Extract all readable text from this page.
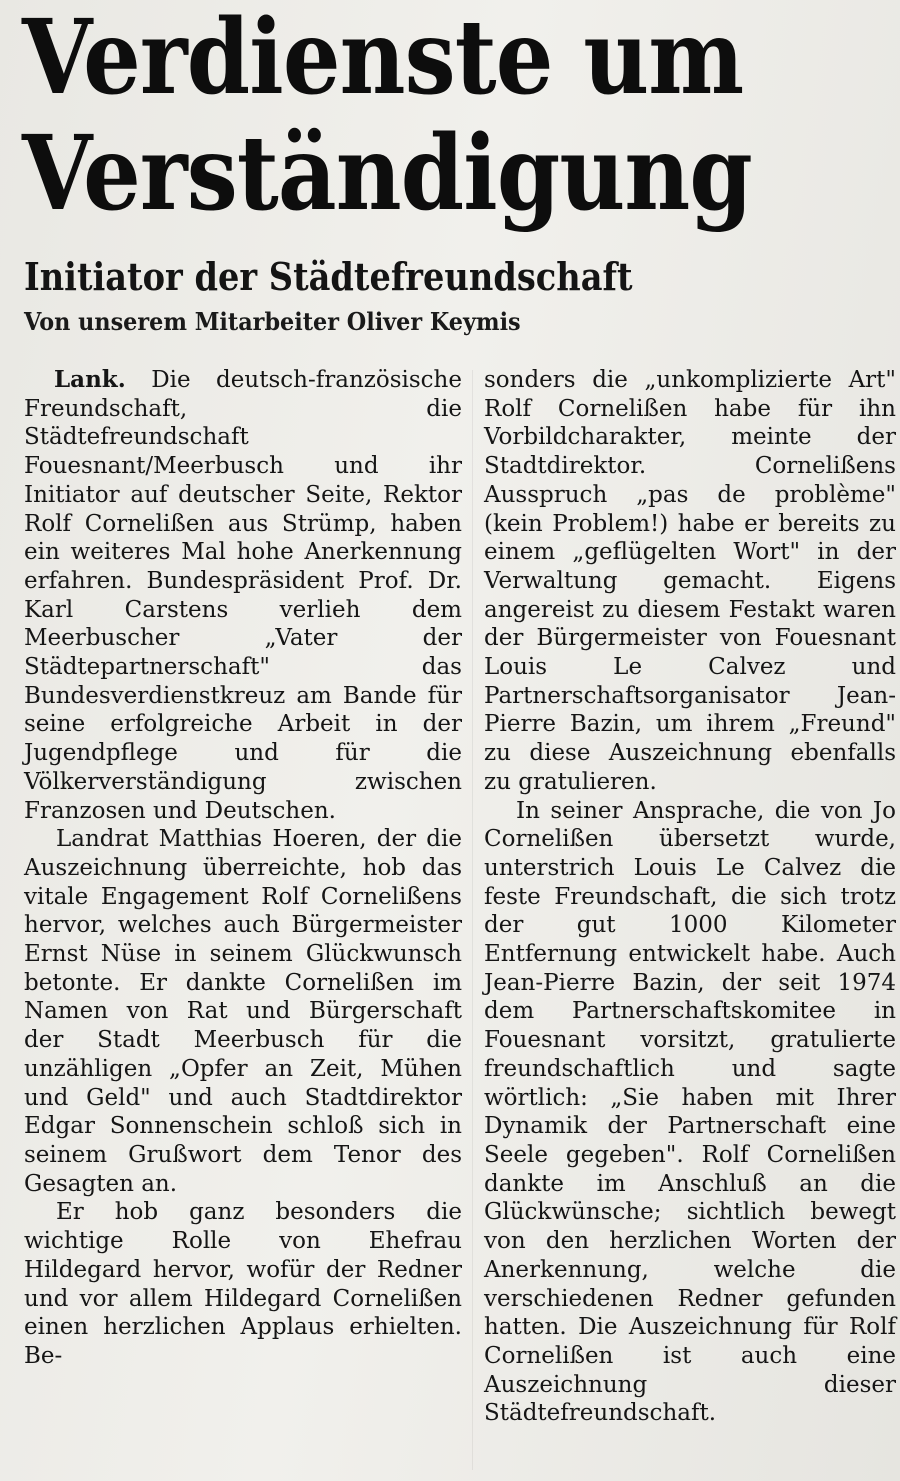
Verdienste um
Verständigung
Initiator der Städtefreundschaft
Von unserem Mitarbeiter Oliver Keymis

Lank. Die deutsch-französische Freundschaft, die Städtefreundschaft Fouesnant/Meerbusch und ihr Initiator auf deutscher Seite, Rektor Rolf Cornelißen aus Strümp, haben ein weiteres Mal hohe Anerkennung erfahren. Bundespräsident Prof. Dr. Karl Carstens verlieh dem Meerbuscher „Vater der Städtepartnerschaft" das Bundesverdienstkreuz am Bande für seine erfolgreiche Arbeit in der Jugendpflege und für die Völkerverständigung zwischen Franzosen und Deutschen.

Landrat Matthias Hoeren, der die Auszeichnung überreichte, hob das vitale Engagement Rolf Cornelißens hervor, welches auch Bürgermeister Ernst Nüse in seinem Glückwunsch betonte. Er dankte Cornelißen im Namen von Rat und Bürgerschaft der Stadt Meerbusch für die unzähligen „Opfer an Zeit, Mühen und Geld" und auch Stadtdirektor Edgar Sonnenschein schloß sich in seinem Grußwort dem Tenor des Gesagten an.

Er hob ganz besonders die wichtige Rolle von Ehefrau Hildegard hervor, wofür der Redner und vor allem Hildegard Cornelißen einen herzlichen Applaus erhielten. Be-

sonders die „unkomplizierte Art" Rolf Cornelißen habe für ihn Vorbildcharakter, meinte der Stadtdirektor. Cornelißens Ausspruch „pas de problème" (kein Problem!) habe er bereits zu einem „geflügelten Wort" in der Verwaltung gemacht. Eigens angereist zu diesem Festakt waren der Bürgermeister von Fouesnant Louis Le Calvez und Partnerschaftsorganisator Jean-Pierre Bazin, um ihrem „Freund" zu diese Auszeichnung ebenfalls zu gratulieren.

In seiner Ansprache, die von Jo Cornelißen übersetzt wurde, unterstrich Louis Le Calvez die feste Freundschaft, die sich trotz der gut 1000 Kilometer Entfernung entwickelt habe. Auch Jean-Pierre Bazin, der seit 1974 dem Partnerschaftskomitee in Fouesnant vorsitzt, gratulierte freundschaftlich und sagte wörtlich: „Sie haben mit Ihrer Dynamik der Partnerschaft eine Seele gegeben". Rolf Cornelißen dankte im Anschluß an die Glückwünsche; sichtlich bewegt von den herzlichen Worten der Anerkennung, welche die verschiedenen Redner gefunden hatten. Die Auszeichnung für Rolf Cornelißen ist auch eine Auszeichnung dieser Städtefreundschaft.
